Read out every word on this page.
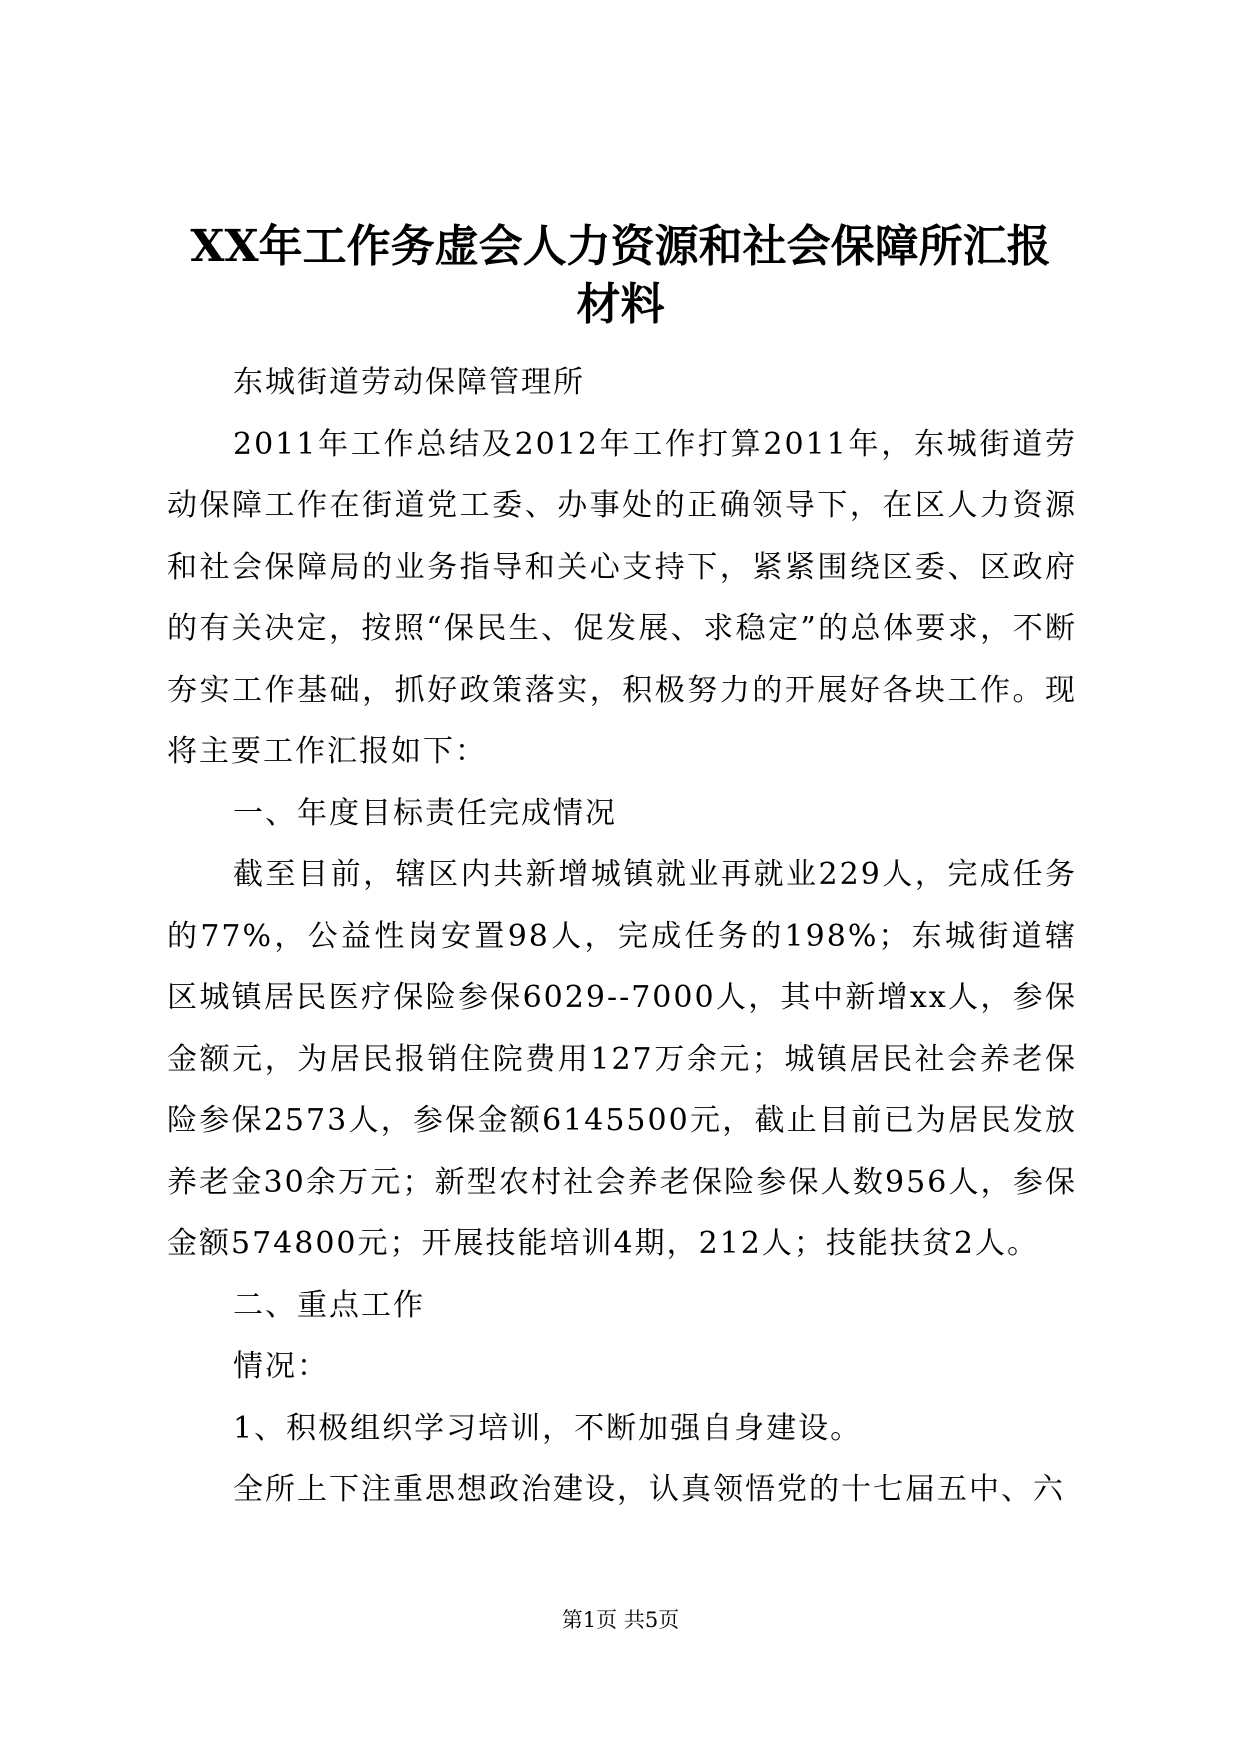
XX年工作务虚会人力资源和社会保障所汇报
材料

东城街道劳动保障管理所

2011年工作总结及2012年工作打算2011年，东城街道劳动保障工作在街道党工委、办事处的正确领导下，在区人力资源和社会保障局的业务指导和关心支持下，紧紧围绕区委、区政府的有关决定，按照“保民生、促发展、求稳定”的总体要求，不断夯实工作基础，抓好政策落实，积极努力的开展好各块工作。现将主要工作汇报如下：

一、年度目标责任完成情况

截至目前，辖区内共新增城镇就业再就业229人，完成任务的77%，公益性岗安置98人，完成任务的198%；东城街道辖区城镇居民医疗保险参保6029--7000人，其中新增xx人，参保金额元，为居民报销住院费用127万余元；城镇居民社会养老保险参保2573人，参保金额6145500元，截止目前已为居民发放养老金30余万元；新型农村社会养老保险参保人数956人，参保金额574800元；开展技能培训4期，212人；技能扶贫2人。

二、重点工作

情况：

1、积极组织学习培训，不断加强自身建设。

全所上下注重思想政治建设，认真领悟党的十七届五中、六

第1页 共5页
